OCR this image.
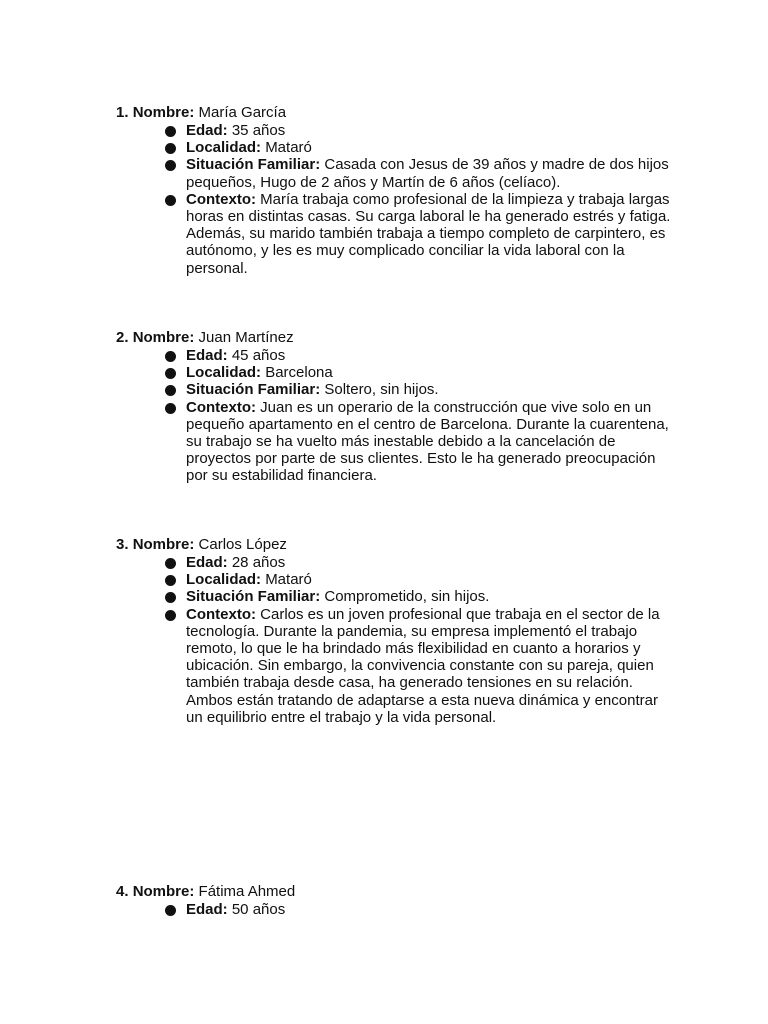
1. Nombre: María García

Edad: 35 años
Localidad: Mataró
Situación Familiar: Casada con Jesus de 39 años y madre de dos hijos pequeños, Hugo de 2 años y Martín de 6 años (celíaco).
Contexto: María trabaja como profesional de la limpieza y trabaja largas horas en distintas casas. Su carga laboral le ha generado estrés y fatiga. Además, su marido también trabaja a tiempo completo de carpintero, es autónomo, y les es muy complicado conciliar la vida laboral con la personal.

2. Nombre: Juan Martínez

Edad: 45 años
Localidad: Barcelona
Situación Familiar: Soltero, sin hijos.
Contexto: Juan es un operario de la construcción que vive solo en un pequeño apartamento en el centro de Barcelona. Durante la cuarentena, su trabajo se ha vuelto más inestable debido a la cancelación de proyectos por parte de sus clientes. Esto le ha generado preocupación por su estabilidad financiera.

3. Nombre: Carlos López

Edad: 28 años
Localidad: Mataró
Situación Familiar: Comprometido, sin hijos.
Contexto: Carlos es un joven profesional que trabaja en el sector de la tecnología. Durante la pandemia, su empresa implementó el trabajo remoto, lo que le ha brindado más flexibilidad en cuanto a horarios y ubicación. Sin embargo, la convivencia constante con su pareja, quien también trabaja desde casa, ha generado tensiones en su relación. Ambos están tratando de adaptarse a esta nueva dinámica y encontrar un equilibrio entre el trabajo y la vida personal.

4. Nombre: Fátima Ahmed

Edad: 50 años
